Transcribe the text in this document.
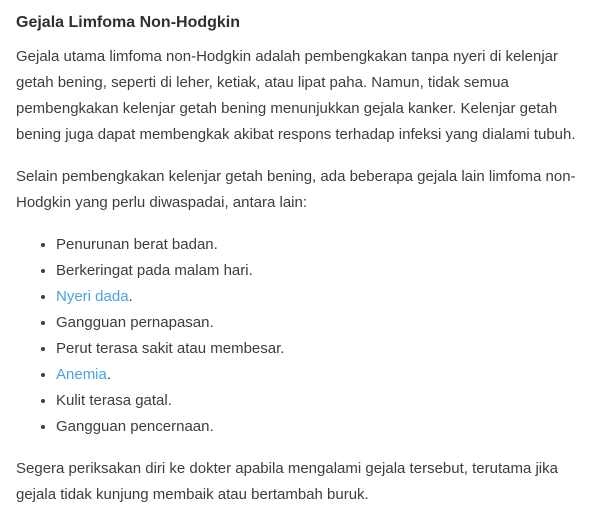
Gejala Limfoma Non-Hodgkin

Gejala utama limfoma non-Hodgkin adalah pembengkakan tanpa nyeri di kelenjar getah bening, seperti di leher, ketiak, atau lipat paha. Namun, tidak semua pembengkakan kelenjar getah bening menunjukkan gejala kanker. Kelenjar getah bening juga dapat membengkak akibat respons terhadap infeksi yang dialami tubuh.

Selain pembengkakan kelenjar getah bening, ada beberapa gejala lain limfoma non-Hodgkin yang perlu diwaspadai, antara lain:

• Penurunan berat badan.
• Berkeringat pada malam hari.
• Nyeri dada.
• Gangguan pernapasan.
• Perut terasa sakit atau membesar.
• Anemia.
• Kulit terasa gatal.
• Gangguan pencernaan.

Segera periksakan diri ke dokter apabila mengalami gejala tersebut, terutama jika gejala tidak kunjung membaik atau bertambah buruk.
